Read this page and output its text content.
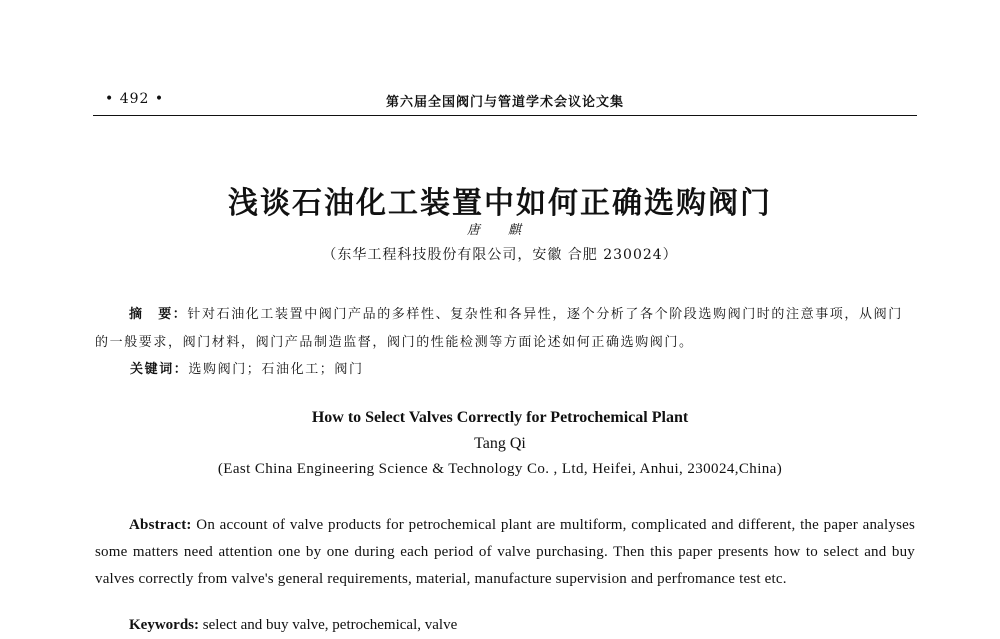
• 492 •	第六届全国阀门与管道学术会议论文集
浅谈石油化工装置中如何正确选购阀门
唐 麒
（东华工程科技股份有限公司，安徽 合肥 230024）
摘　要：针对石油化工装置中阀门产品的多样性、复杂性和各异性，逐个分析了各个阶段选购阀门时的注意事项，从阀门的一般要求，阀门材料，阀门产品制造监督，阀门的性能检测等方面论述如何正确选购阀门。
关键词：选购阀门；石油化工；阀门
How to Select Valves Correctly for Petrochemical Plant
Tang Qi
(East China Engineering Science & Technology Co. , Ltd, Heifei, Anhui, 230024,China)
Abstract: On account of valve products for petrochemical plant are multiform, complicated and different, the paper analyses some matters need attention one by one during each period of valve purchasing. Then this paper presents how to select and buy valves correctly from valve's general requirements, material, manufacture supervision and perfromance test etc.
Keywords: select and buy valve, petrochemical, valve
